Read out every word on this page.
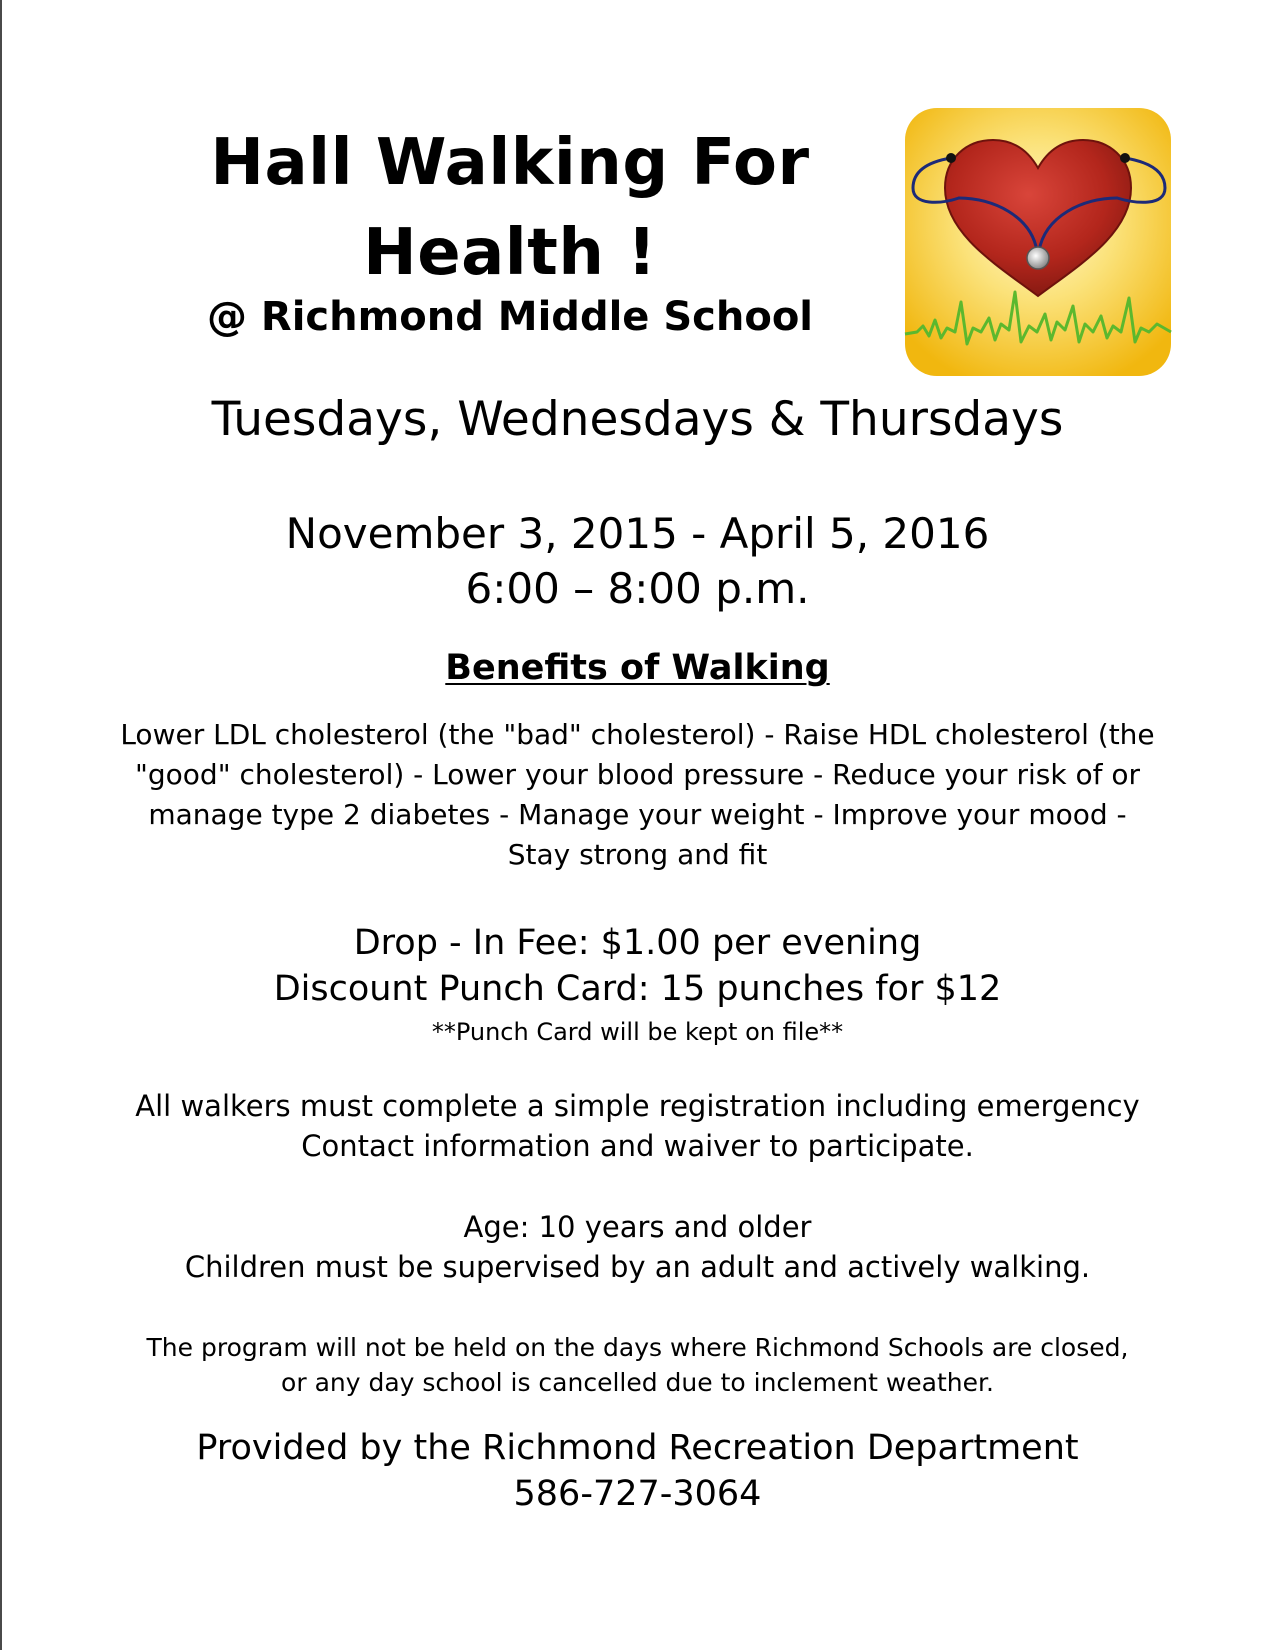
Hall Walking For
Health !
@ Richmond Middle School
Tuesdays, Wednesdays & Thursdays
November 3, 2015 - April 5, 2016
6:00 – 8:00 p.m.
Benefits of Walking
Lower LDL cholesterol (the "bad" cholesterol) - Raise HDL cholesterol (the
"good" cholesterol) - Lower your blood pressure - Reduce your risk of or
manage type 2 diabetes - Manage your weight - Improve your mood -
Stay strong and fit
Drop - In Fee: $1.00 per evening
Discount Punch Card: 15 punches for $12
**Punch Card will be kept on file**
All walkers must complete a simple registration including emergency
Contact information and waiver to participate.
Age: 10 years and older
Children must be supervised by an adult and actively walking.
The program will not be held on the days where Richmond Schools are closed,
or any day school is cancelled due to inclement weather.
Provided by the Richmond Recreation Department
586-727-3064
